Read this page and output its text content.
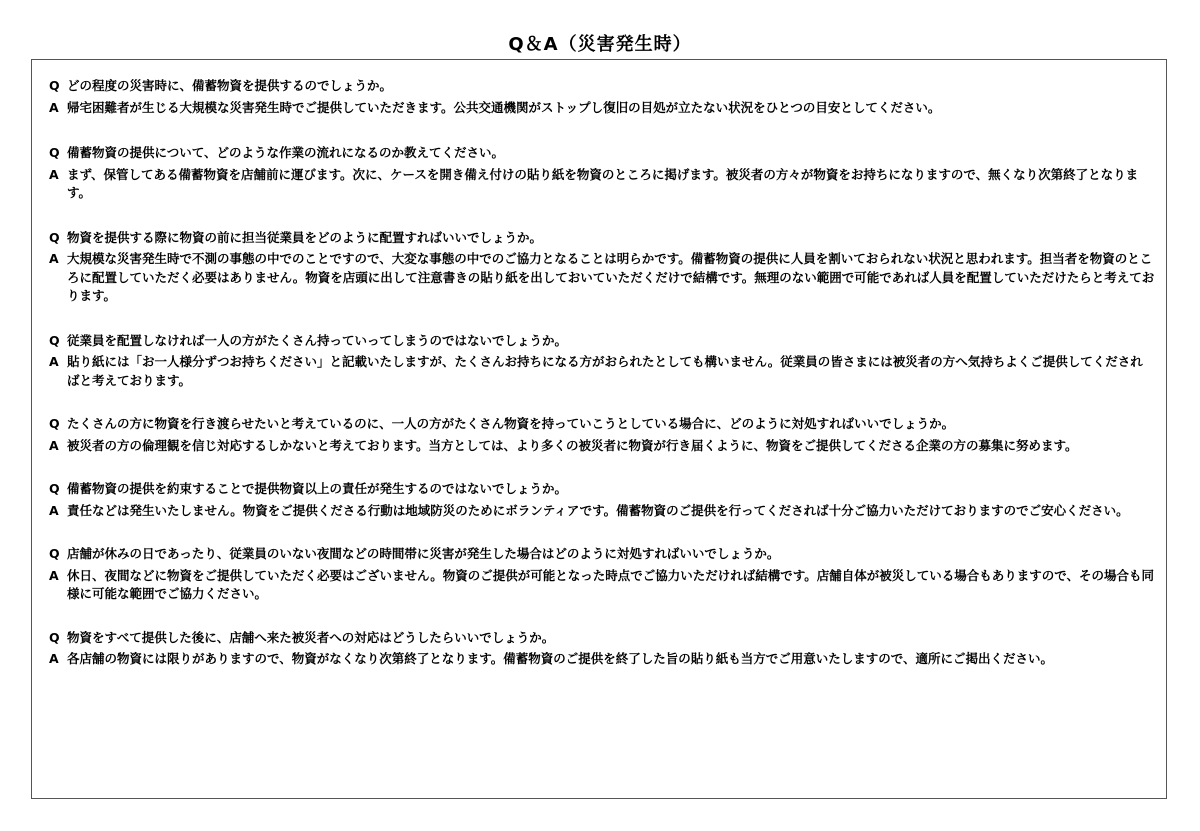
Q＆A（災害発生時）
Q どの程度の災害時に、備蓄物資を提供するのでしょうか。
A 帰宅困難者が生じる大規模な災害発生時でご提供していただきます。公共交通機関がストップし復旧の目処が立たない状況をひとつの目安としてください。
Q 備蓄物資の提供について、どのような作業の流れになるのか教えてください。
A まず、保管してある備蓄物資を店舗前に運びます。次に、ケースを開き備え付けの貼り紙を物資のところに掲げます。被災者の方々が物資をお持ちになりますので、無くなり次第終了となります。
Q 物資を提供する際に物資の前に担当従業員をどのように配置すればいいでしょうか。
A 大規模な災害発生時で不測の事態の中でのことですので、大変な事態の中でのご協力となることは明らかです。備蓄物資の提供に人員を割いておられない状況と思われます。担当者を物資のところに配置していただく必要はありません。物資を店頭に出して注意書きの貼り紙を出しておいていただくだけで結構です。無理のない範囲で可能であれば人員を配置していただけたらと考えております。
Q 従業員を配置しなければ一人の方がたくさん持っていってしまうのではないでしょうか。
A 貼り紙には「お一人様分ずつお持ちください」と記載いたしますが、たくさんお持ちになる方がおられたとしても構いません。従業員の皆さまには被災者の方へ気持ちよくご提供してくださればと考えております。
Q たくさんの方に物資を行き渡らせたいと考えているのに、一人の方がたくさん物資を持っていこうとしている場合に、どのように対処すればいいでしょうか。
A 被災者の方の倫理観を信じ対応するしかないと考えております。当方としては、より多くの被災者に物資が行き届くように、物資をご提供してくださる企業の方の募集に努めます。
Q 備蓄物資の提供を約束することで提供物資以上の責任が発生するのではないでしょうか。
A 責任などは発生いたしません。物資をご提供くださる行動は地域防災のためにボランティアです。備蓄物資のご提供を行ってくだされば十分ご協力いただけておりますのでご安心ください。
Q 店舗が休みの日であったり、従業員のいない夜間などの時間帯に災害が発生した場合はどのように対処すればいいでしょうか。
A 休日、夜間などに物資をご提供していただく必要はございません。物資のご提供が可能となった時点でご協力いただければ結構です。店舗自体が被災している場合もありますので、その場合も同様に可能な範囲でご協力ください。
Q 物資をすべて提供した後に、店舗へ来た被災者への対応はどうしたらいいでしょうか。
A 各店舗の物資には限りがありますので、物資がなくなり次第終了となります。備蓄物資のご提供を終了した旨の貼り紙も当方でご用意いたしますので、適所にご掲出ください。
